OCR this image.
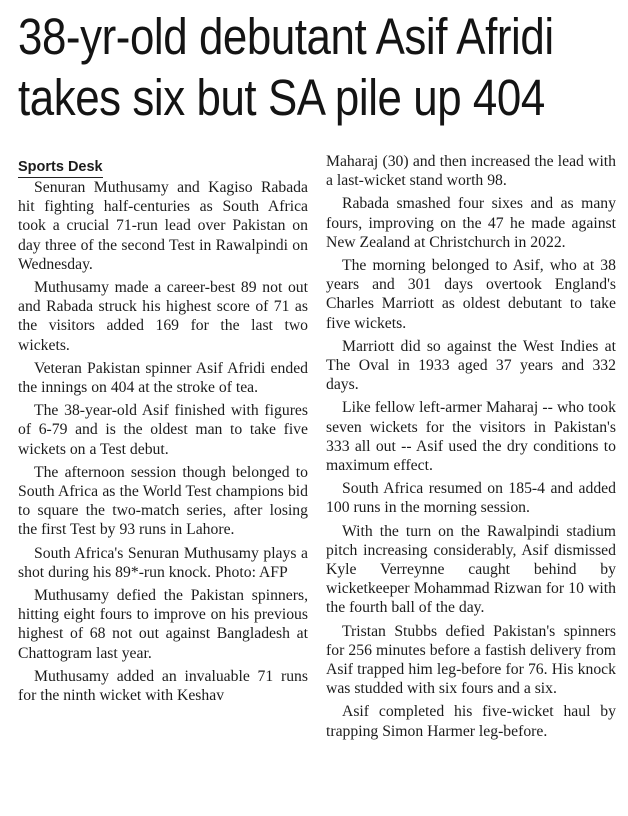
38-yr-old debutant Asif Afridi
takes six but SA pile up 404
Sports Desk

Senuran Muthusamy and Kagiso Rabada hit fighting half-centuries as South Africa took a crucial 71-run lead over Pakistan on day three of the second Test in Rawalpindi on Wednesday.

Muthusamy made a career-best 89 not out and Rabada struck his highest score of 71 as the visitors added 169 for the last two wickets.

Veteran Pakistan spinner Asif Afridi ended the innings on 404 at the stroke of tea.

The 38-year-old Asif finished with figures of 6-79 and is the oldest man to take five wickets on a Test debut.

The afternoon session though belonged to South Africa as the World Test champions bid to square the two-match series, after losing the first Test by 93 runs in Lahore.

South Africa's Senuran Muthusamy plays a shot during his 89*-run knock. Photo: AFP

Muthusamy defied the Pakistan spinners, hitting eight fours to improve on his previous highest of 68 not out against Bangladesh at Chattogram last year.

Muthusamy added an invaluable 71 runs for the ninth wicket with Keshav

Maharaj (30) and then increased the lead with a last-wicket stand worth 98.

Rabada smashed four sixes and as many fours, improving on the 47 he made against New Zealand at Christchurch in 2022.

The morning belonged to Asif, who at 38 years and 301 days overtook England's Charles Marriott as oldest debutant to take five wickets.

Marriott did so against the West Indies at The Oval in 1933 aged 37 years and 332 days.

Like fellow left-armer Maharaj -- who took seven wickets for the visitors in Pakistan's 333 all out -- Asif used the dry conditions to maximum effect.

South Africa resumed on 185-4 and added 100 runs in the morning session.

With the turn on the Rawalpindi stadium pitch increasing considerably, Asif dismissed Kyle Verreynne caught behind by wicketkeeper Mohammad Rizwan for 10 with the fourth ball of the day.

Tristan Stubbs defied Pakistan's spinners for 256 minutes before a fastish delivery from Asif trapped him leg-before for 76. His knock was studded with six fours and a six.

Asif completed his five-wicket haul by trapping Simon Harmer leg-before.
